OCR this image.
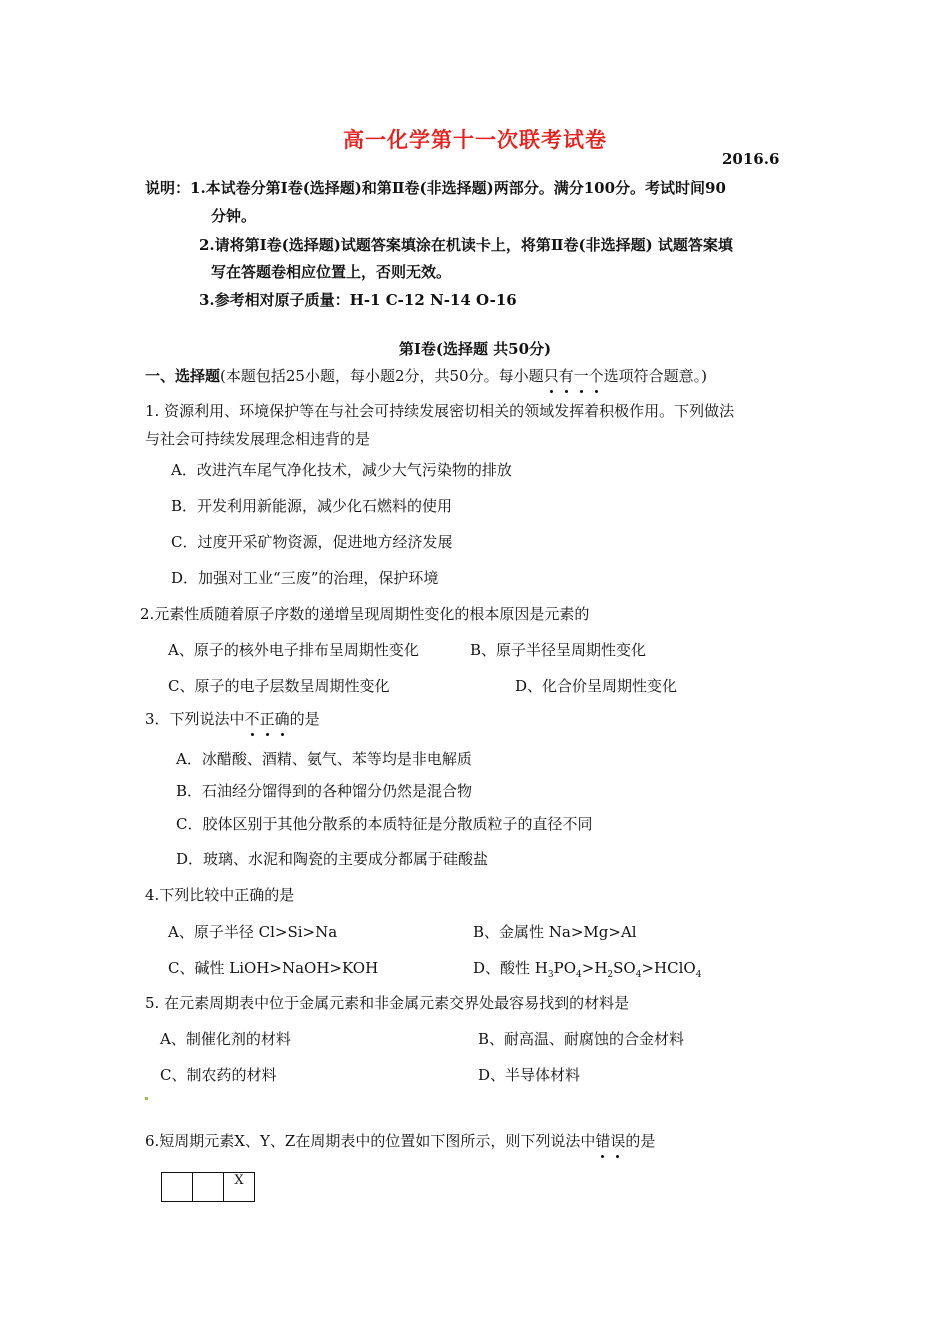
高一化学第十一次联考试卷
2016.6
说明：1.本试卷分第Ⅰ卷(选择题)和第Ⅱ卷(非选择题)两部分。满分100分。考试时间90
分钟。
2.请将第Ⅰ卷(选择题)试题答案填涂在机读卡上，将第Ⅱ卷(非选择题) 试题答案填
写在答题卷相应位置上，否则无效。
3.参考相对原子质量：H-1 C-12 N-14 O-16
第Ⅰ卷(选择题 共50分)
一、选择题(本题包括25小题，每小题2分，共50分。每小题只有一个选项符合题意。)
1. 资源利用、环境保护等在与社会可持续发展密切相关的领域发挥着积极作用。下列做法
与社会可持续发展理念相违背的是
A．改进汽车尾气净化技术，减少大气污染物的排放
B．开发利用新能源，减少化石燃料的使用
C．过度开采矿物资源，促进地方经济发展
D．加强对工业“三废”的治理，保护环境
2.元素性质随着原子序数的递增呈现周期性变化的根本原因是元素的
A、原子的核外电子排布呈周期性变化	B、原子半径呈周期性变化
C、原子的电子层数呈周期性变化	D、化合价呈周期性变化
3．下列说法中不正确的是
A．冰醋酸、酒精、氨气、苯等均是非电解质
B．石油经分馏得到的各种馏分仍然是混合物
C．胶体区别于其他分散系的本质特征是分散质粒子的直径不同
D．玻璃、水泥和陶瓷的主要成分都属于硅酸盐
4.下列比较中正确的是
A、原子半径 Cl>Si>Na	B、金属性 Na>Mg>Al
C、碱性 LiOH>NaOH>KOH	D、酸性 $H_3PO_4>H_2SO_4>HClO_4$
5. 在元素周期表中位于金属元素和非金属元素交界处最容易找到的材料是
A、制催化剂的材料	B、耐高温、耐腐蚀的合金材料
C、制农药的材料	D、半导体材料
6.短周期元素X、Y、Z在周期表中的位置如下图所示，则下列说法中错误的是
		X
